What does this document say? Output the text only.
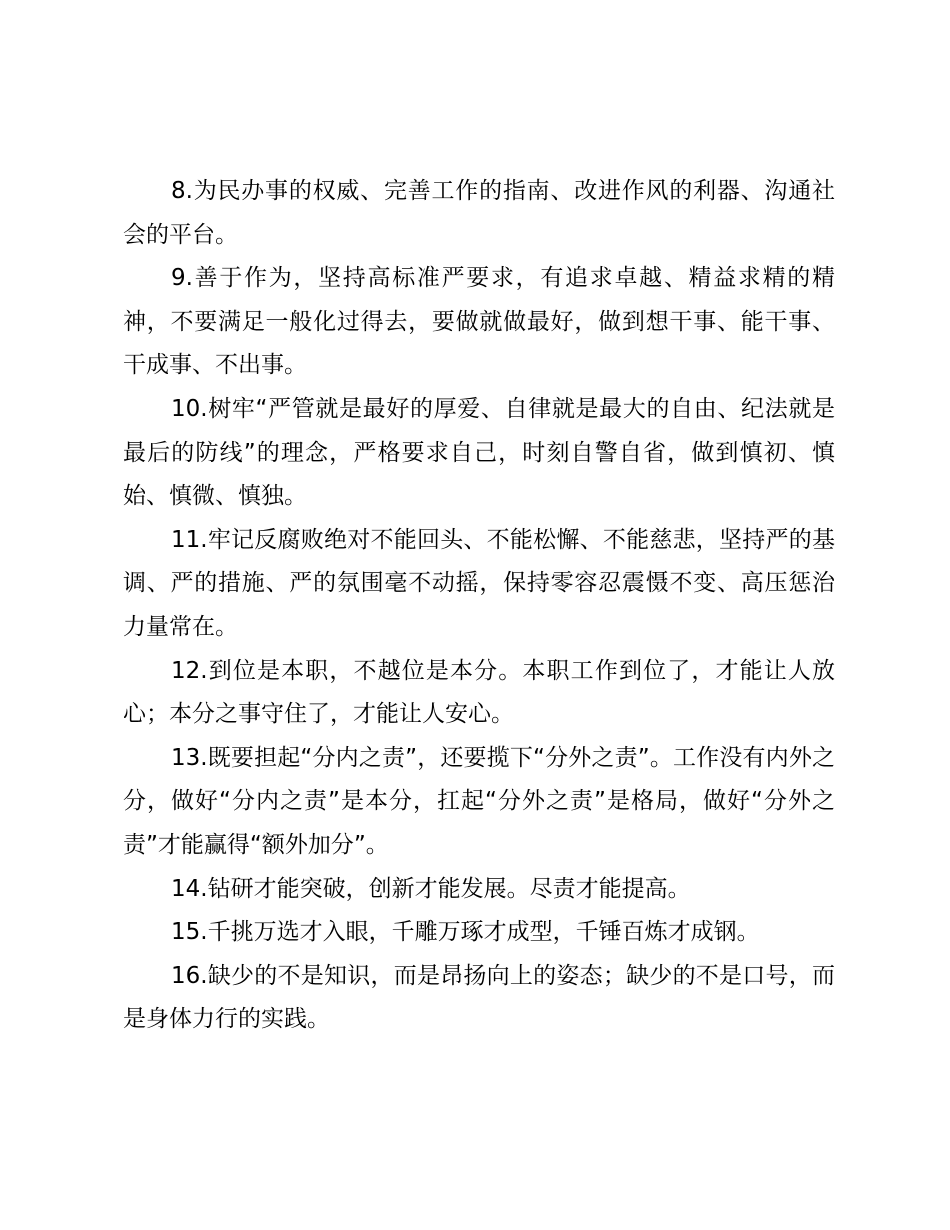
8.为民办事的权威、完善工作的指南、改进作风的利器、沟通社会的平台。

9.善于作为，坚持高标准严要求，有追求卓越、精益求精的精神，不要满足一般化过得去，要做就做最好，做到想干事、能干事、干成事、不出事。

10.树牢“严管就是最好的厚爱、自律就是最大的自由、纪法就是最后的防线”的理念，严格要求自己，时刻自警自省，做到慎初、慎始、慎微、慎独。

11.牢记反腐败绝对不能回头、不能松懈、不能慈悲，坚持严的基调、严的措施、严的氛围毫不动摇，保持零容忍震慑不变、高压惩治力量常在。

12.到位是本职，不越位是本分。本职工作到位了，才能让人放心；本分之事守住了，才能让人安心。

13.既要担起“分内之责”，还要揽下“分外之责”。工作没有内外之分，做好“分内之责”是本分，扛起“分外之责”是格局，做好“分外之责”才能赢得“额外加分”。

14.钻研才能突破，创新才能发展。尽责才能提高。

15.千挑万选才入眼，千雕万琢才成型，千锤百炼才成钢。

16.缺少的不是知识，而是昂扬向上的姿态；缺少的不是口号，而是身体力行的实践。
